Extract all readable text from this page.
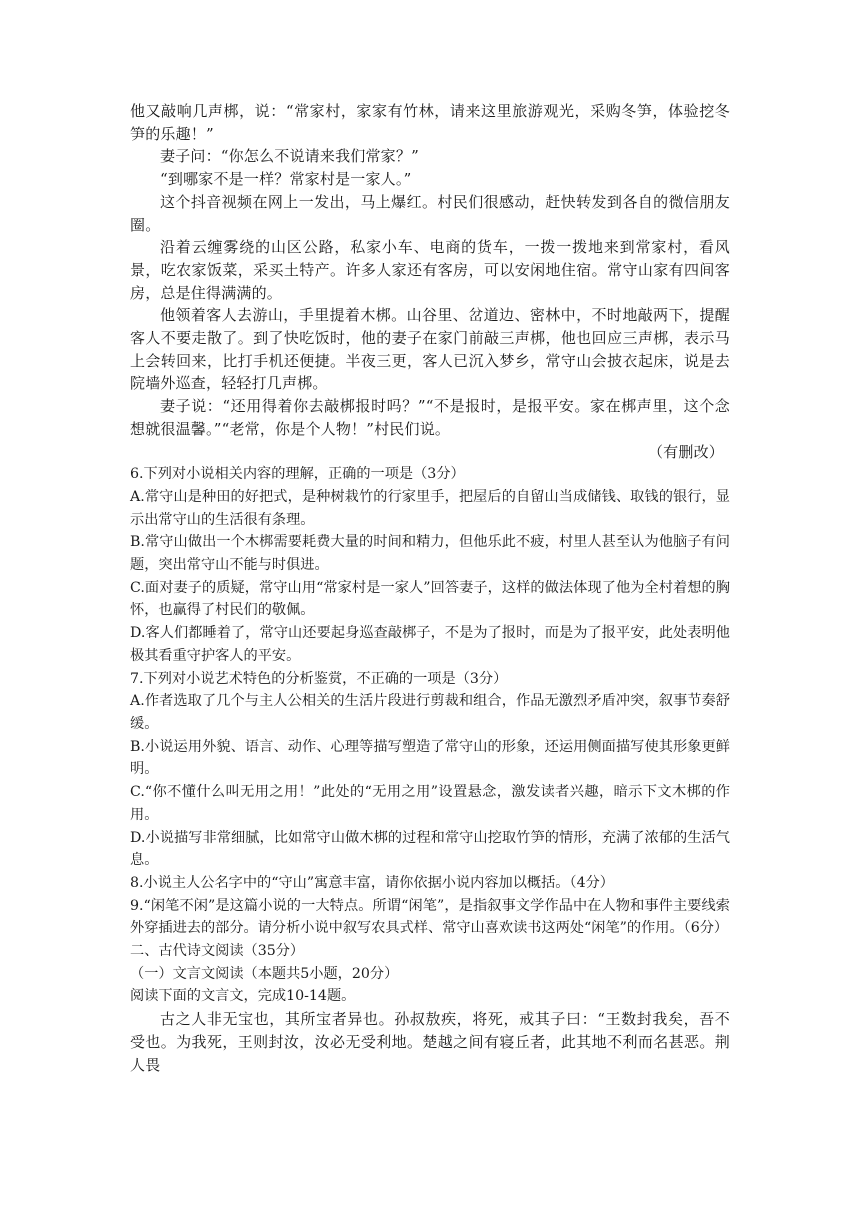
他又敲响几声梆，说：“常家村，家家有竹林，请来这里旅游观光，采购冬笋，体验挖冬笋的乐趣！”

妻子问：“你怎么不说请来我们常家？”

“到哪家不是一样？常家村是一家人。”

这个抖音视频在网上一发出，马上爆红。村民们很感动，赶快转发到各自的微信朋友圈。

沿着云缠雾绕的山区公路，私家小车、电商的货车，一拨一拨地来到常家村，看风景，吃农家饭菜，采买土特产。许多人家还有客房，可以安闲地住宿。常守山家有四间客房，总是住得满满的。

他领着客人去游山，手里提着木梆。山谷里、岔道边、密林中，不时地敲两下，提醒客人不要走散了。到了快吃饭时，他的妻子在家门前敲三声梆，他也回应三声梆，表示马上会转回来，比打手机还便捷。半夜三更，客人已沉入梦乡，常守山会披衣起床，说是去院墙外巡查，轻轻打几声梆。

妻子说：“还用得着你去敲梆报时吗？”“不是报时，是报平安。家在梆声里，这个念想就很温馨。”“老常，你是个人物！”村民们说。

（有删改）

6.下列对小说相关内容的理解，正确的一项是（3分）

A.常守山是种田的好把式，是种树栽竹的行家里手，把屋后的自留山当成储钱、取钱的银行，显示出常守山的生活很有条理。

B.常守山做出一个木梆需要耗费大量的时间和精力，但他乐此不疲，村里人甚至认为他脑子有问题，突出常守山不能与时俱进。

C.面对妻子的质疑，常守山用“常家村是一家人”回答妻子，这样的做法体现了他为全村着想的胸怀，也赢得了村民们的敬佩。

D.客人们都睡着了，常守山还要起身巡查敲梆子，不是为了报时，而是为了报平安，此处表明他极其看重守护客人的平安。

7.下列对小说艺术特色的分析鉴赏，不正确的一项是（3分）

A.作者选取了几个与主人公相关的生活片段进行剪裁和组合，作品无激烈矛盾冲突，叙事节奏舒缓。

B.小说运用外貌、语言、动作、心理等描写塑造了常守山的形象，还运用侧面描写使其形象更鲜明。

C.“你不懂什么叫无用之用！”此处的“无用之用”设置悬念，激发读者兴趣，暗示下文木梆的作用。

D.小说描写非常细腻，比如常守山做木梆的过程和常守山挖取竹笋的情形，充满了浓郁的生活气息。

8.小说主人公名字中的“守山”寓意丰富，请你依据小说内容加以概括。（4分）

9.“闲笔不闲”是这篇小说的一大特点。所谓“闲笔”，是指叙事文学作品中在人物和事件主要线索外穿插进去的部分。请分析小说中叙写农具式样、常守山喜欢读书这两处“闲笔”的作用。（6分）

二、古代诗文阅读（35分）

（一）文言文阅读（本题共5小题，20分）

阅读下面的文言文，完成10-14题。

古之人非无宝也，其所宝者异也。孙叔敖疾，将死，戒其子曰：“王数封我矣，吾不受也。为我死，王则封汝，汝必无受利地。楚越之间有寝丘者，此其地不利而名甚恶。荆人畏
